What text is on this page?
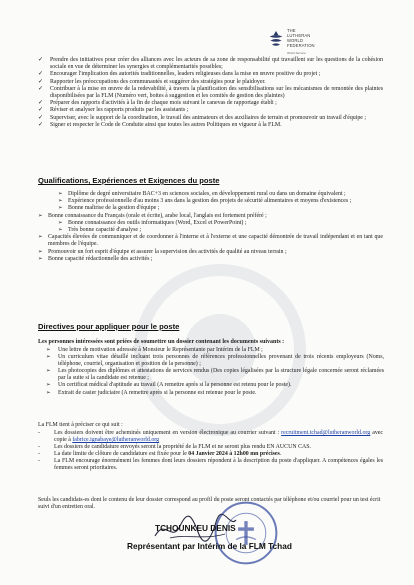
THE
LUTHERAN
WORLD
FEDERATION
World Service
✓ Prendre des initiatives pour créer des alliances avec les acteurs de sa zone de responsabilité qui travaillent sur les questions de la cohésion sociale en vue de déterminer les synergies et complémentarités possibles;
✓ Encourager l'implication des autorités traditionnelles, leaders religieuses dans la mise en œuvre positive du projet ;
✓ Rapporter les préoccupations des communautés et suggérer des stratégies pour le plaidoyer.
✓ Contribuer à la mise en œuvre de la redevabilité, à travers la planification des sensibilisations sur les mécanismes de remontée des plaintes disponibilisées par la FLM (Numéro vert, boites à suggestion et les comités de gestion des plaintes)
✓ Préparer des rapports d'activités à la fin de chaque mois suivant le canevas de rapportage établi ;
✓ Réviser et analyser les rapports produits par les assistants ;
✓ Superviser, avec le support de la coordination, le travail des animateurs et des auxiliaires de terrain et promouvoir un travail d'équipe ;
✓ Signer et respecter le Code de Conduite ainsi que toutes les autres Politiques en vigueur à la FLM.
Qualifications, Expériences et Exigences du poste
➢ Diplôme de degré universitaire BAC+3 en sciences sociales, en développement rural ou dans un domaine équivalent ;
➢ Expérience professionnelle d'au moins 3 ans dans la gestion des projets de sécurité alimentaires et moyens d'existences ;
➢ Bonne maîtrise de la gestion d'équipe ;
➢ Bonne connaissance du Français (orale et écrite), arabe local, l'anglais est fortement préféré ;
➢ Bonne connaissance des outils informatiques (Word, Excel et PowerPoint) ;
➢ Très bonne capacité d'analyse ;
➢ Capacités élevées de communiquer et de coordonner à l'interne et à l'externe et une capacité démontrée de travail indépendant et en tant que membres de l'équipe.
➢ Promouvoir un fort esprit d'équipe et assurer la supervision des activités de qualité au niveau terrain ;
➢ Bonne capacité rédactionnelle des activités ;
Directives pour appliquer pour le poste
Les personnes intéressées sont priées de soumettre un dossier contenant les documents suivants :
➢ Une lettre de motivation adressée à Monsieur le Représentante par Intérim de la FLM ;
➢ Un curriculum vitae détaillé incluant trois personnes de références professionnelles provenant de trois récents employeurs (Noms, téléphone, courriel, organisation et position de la personne) ;
➢ Les photocopies des diplômes et attestations de services rendus (Des copies légalisées par la structure légale concernée seront réclamées par la suite si la candidate est retenue ;
➢ Un certificat médical d'aptitude au travail (A remettre après si la personne est retenu pour le poste).
➢ Extrait de casier judiciaire (A remettre après si la personne est retenue pour le poste.
La FLM tient à préciser ce qui suit :
- Les dossiers doivent être acheminés uniquement en version électronique au courrier suivant : recruitment.tchad@lutheranworld.org avec copie à fabrice.ignabaye@lutheranworld.org
- Les dossiers de candidature envoyés seront la propriété de la FLM et ne seront plus rendu EN AUCUN CAS.
- La date limite de clôture de candidature est fixée pour le 04 Janvier 2024 à 12h00 mn précises.
- La FLM encourage énormément les femmes dont leurs dossiers répondent à la description du poste d'appliquer. A compétences égales les femmes seront prioritaires.
Seuls les candidats-es dont le contenu de leur dossier correspond au profil du poste seront contactés par téléphone et/ou courriel pour un test écrit suivi d'un entretien oral.
TCHOUNKEU DENIS
Représentant par Intérim de la FLM Tchad
